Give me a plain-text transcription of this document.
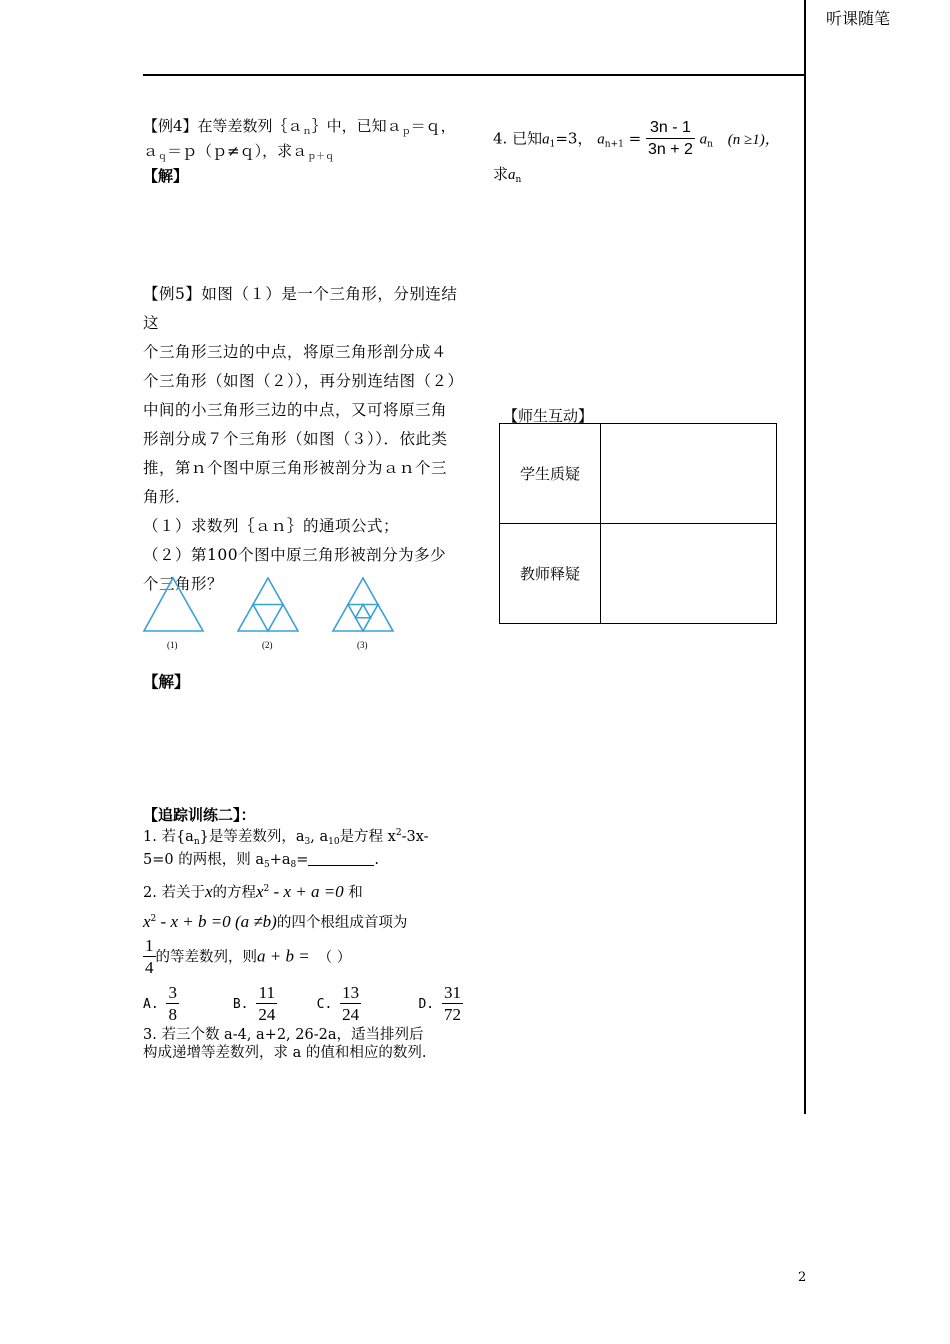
听课随笔
【例4】在等差数列｛ａ$_n$｝中，已知ａ$_p$＝ｑ，
ａ$_q$＝ｐ（ｐ≠ｑ），求ａ$_{p+q}$
【解】
4. 已知$a_1=3$， $a_{n+1} = \frac{3n - 1}{3n + 2} a_n$ (n ≥1)，
求$a_n$
【例5】如图（１）是一个三角形，分别连结这
个三角形三边的中点，将原三角形剖分成４
个三角形（如图（２）），再分别连结图（２）
中间的小三角形三边的中点，又可将原三角
形剖分成７个三角形（如图（３））．依此类
推，第ｎ个图中原三角形被剖分为ａｎ个三
角形．
（１）求数列｛ａｎ｝的通项公式；
（２）第100个图中原三角形被剖分为多少
个三角形？
(1)	(2)	(3)
【解】
【师生互动】
学生质疑	
教师释疑	
【追踪训练二】：
1. 若$\{a_n\}$是等差数列，$a_3$, $a_{10}$是方程 $x^2-3x-$
5=0 的两根，则 $a_5+a_8=$	.
2. 若关于x的方程$x^2 - x + a =0$ 和
$x^2 - x + b =0$ (a ≠b)的四个根组成首项为
$\frac{1}{4}$ 的等差数列，则a + b = （ ）
A. $\frac{3}{8}$	B. $\frac{11}{24}$	C. $\frac{13}{24}$	D. $\frac{31}{72}$
3. 若三个数 a-4, a+2, 26-2a，适当排列后
构成递增等差数列，求 a 的值和相应的数列.
2
